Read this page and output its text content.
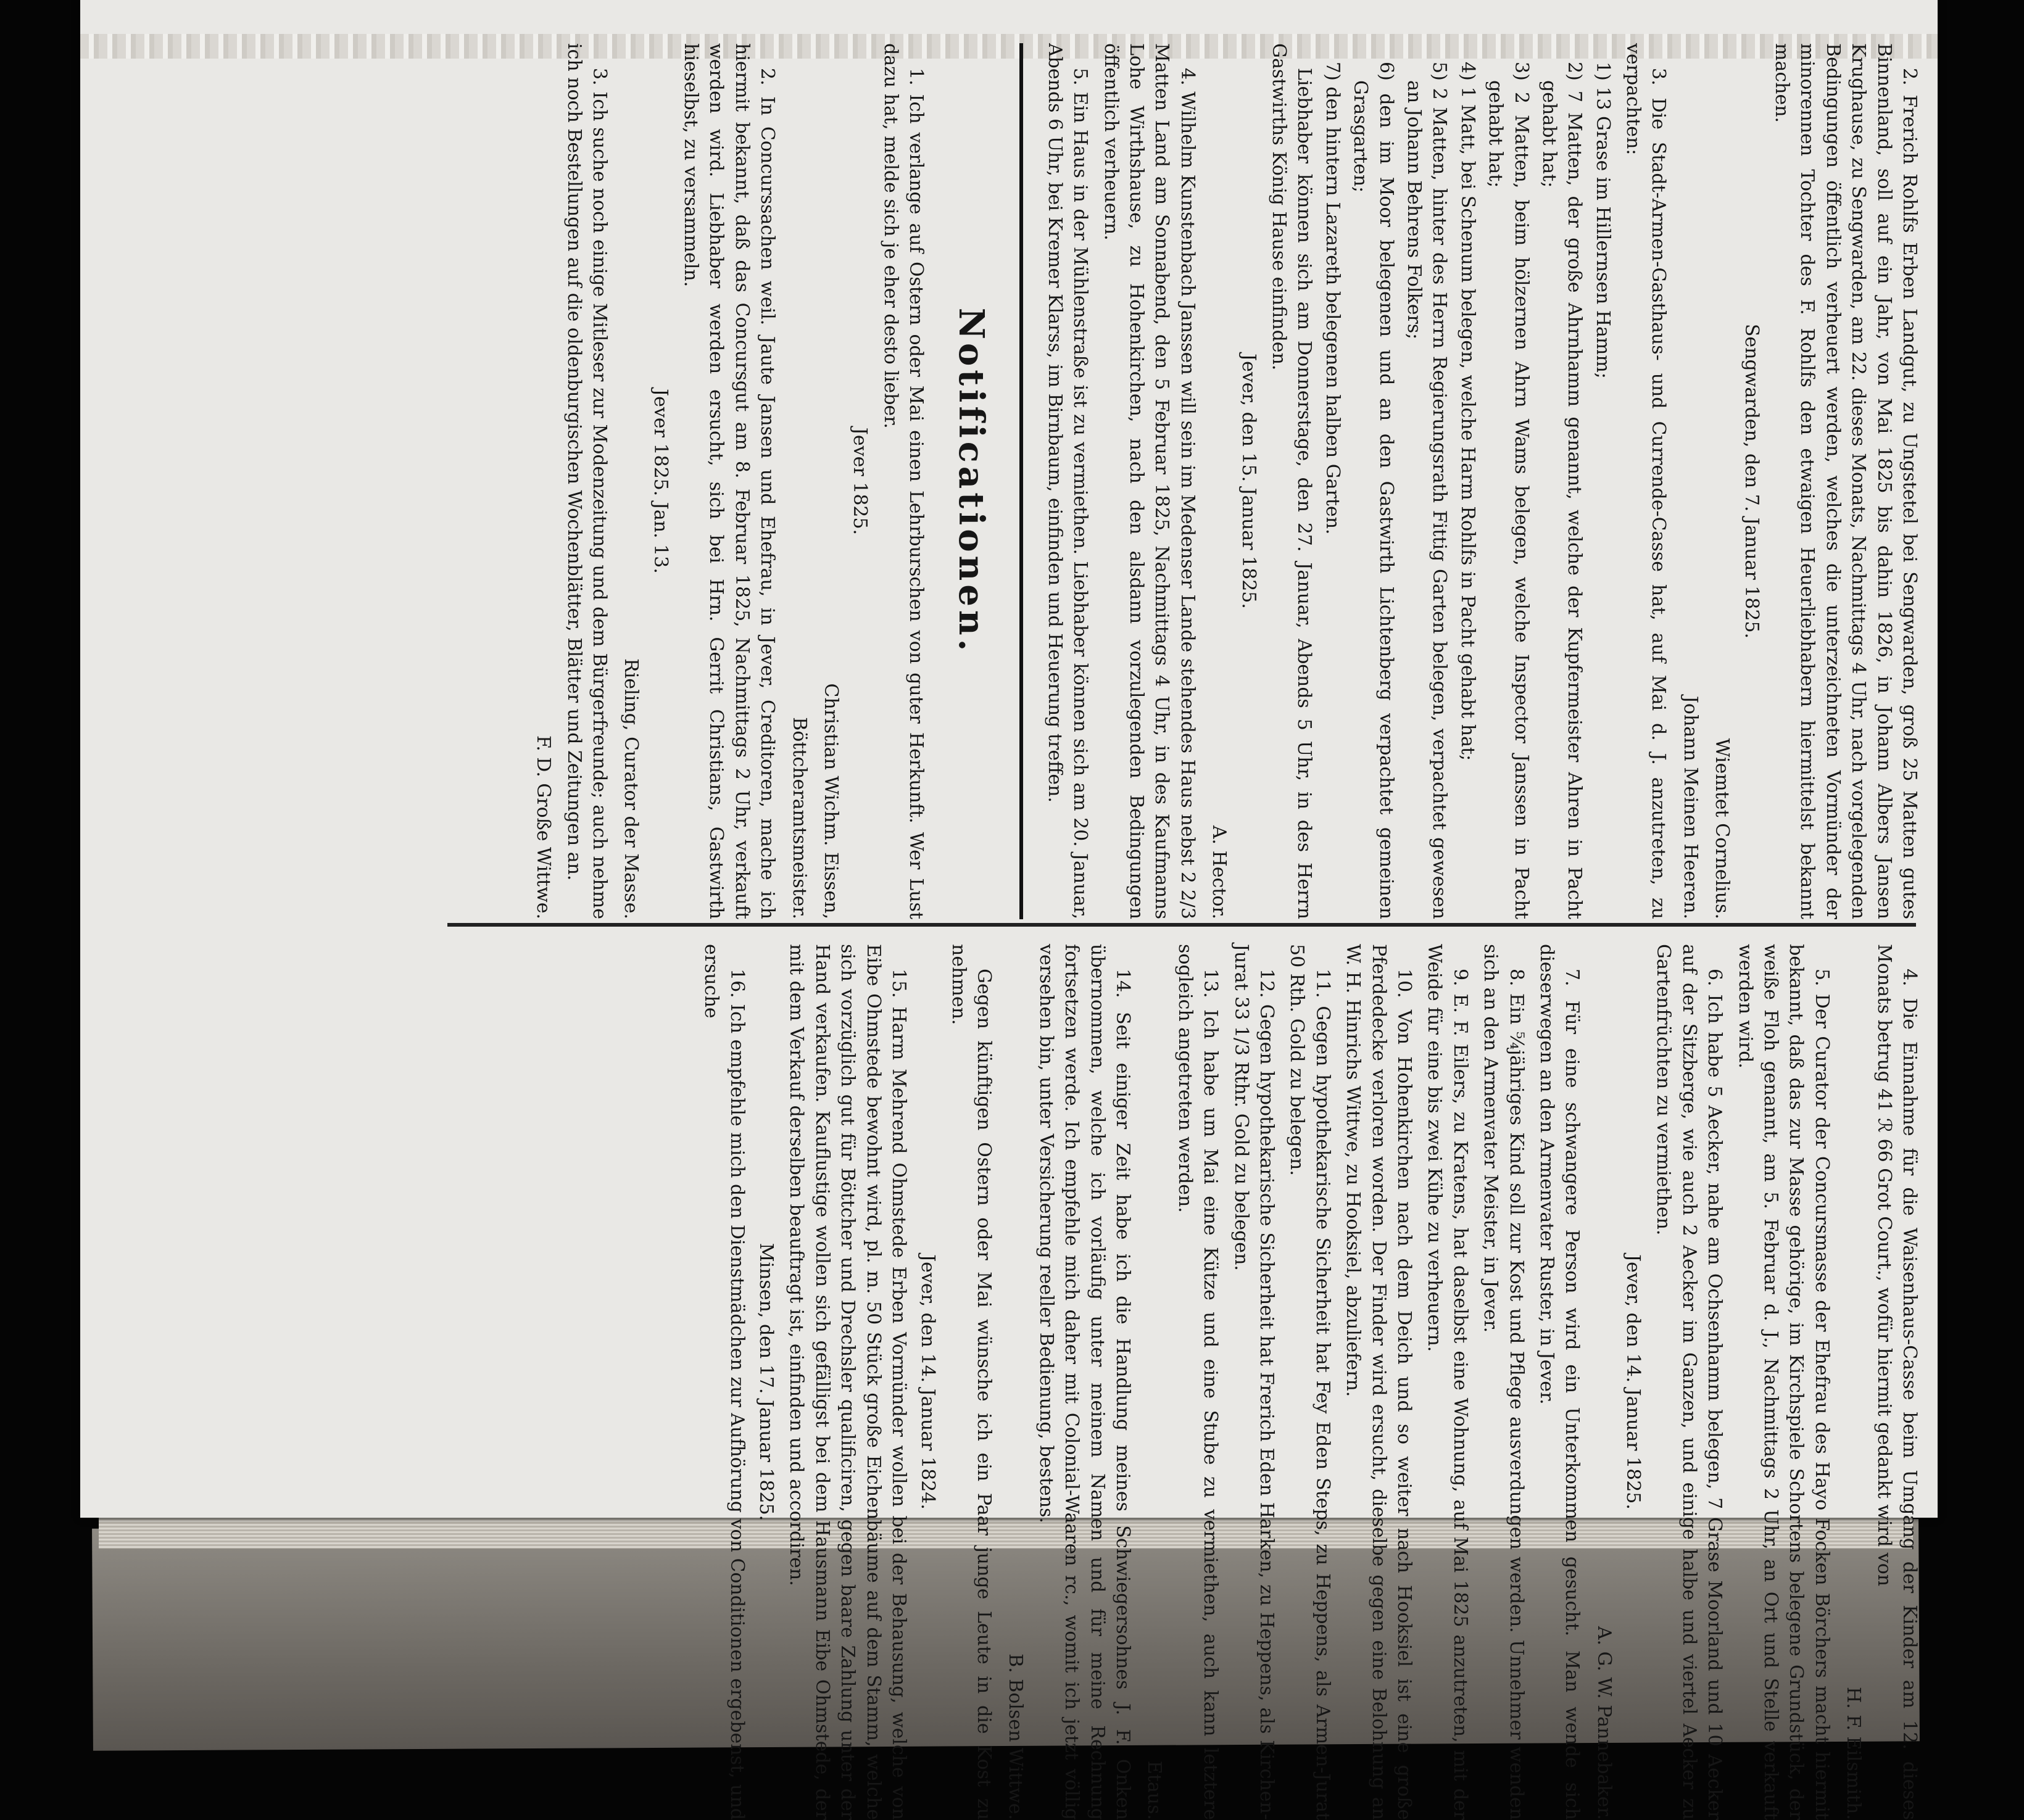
2. Frerich Rohlfs Erben Landgut, zu Ungstetel bei Sengwarden, groß 25 Matten gutes Binnenland, soll auf ein Jahr, von Mai 1825 bis dahin 1826, in Johann Albers Jansen Krughause, zu Sengwarden, am 22. dieses Monats, Nachmittags 4 Uhr, nach vorgelegenden Bedingungen öffentlich verheuert werden, welches die unterzeichneten Vormünder der minorennen Tochter des F. Rohlfs den etwaigen Heuerliebhabern hiermittelst bekannt machen.

Sengwarden, den 7. Januar 1825.

Wiemtet Cornelius.

Johann Meinen Heeren.

3. Die Stadt-Armen-Gasthaus- und Currende-Casse hat, auf Mai d. J. anzutreten, zu verpachten:

1) 13 Grase im Hillernsen Hamm;

2) 7 Matten, der große Ahrnhamm genannt, welche der Kupfermeister Ahren in Pacht gehabt hat;

3) 2 Matten, beim hölzernen Ahrn Wams belegen, welche Inspector Janssen in Pacht gehabt hat;

4) 1 Matt, bei Schenum belegen, welche Harm Rohlfs in Pacht gehabt hat;

5) 2 Matten, hinter des Herrn Regierungsrath Fittig Garten belegen, verpachtet gewesen an Johann Behrens Folkers;

6) den im Moor belegenen und an den Gastwirth Lichtenberg verpachtet gemeinen Grasgarten;

7) den hintern Lazareth belegenen halben Garten.

Liebhaber können sich am Donnerstage, den 27. Januar, Abends 5 Uhr, in des Herrn Gastwirths König Hause einfinden.

Jever, den 15. Januar 1825.

A. Hector.

4. Wilhelm Kunstenbach Janssen will sein im Medenser Lande stehendes Haus nebst 2 2/3 Matten Land am Sonnabend, den 5 Februar 1825, Nachmittags 4 Uhr, in des Kaufmanns Lohe Wirthshause, zu Hohenkirchen, nach den alsdann vorzulegenden Bedingungen öffentlich verheuern.

5. Ein Haus in der Mühlenstraße ist zu vermiethen. Liebhaber können sich am 20. Januar, Abends 6 Uhr, bei Kremer Klarss, im Birnbaum, einfinden und Heuerung treffen.

Notificationen.

1. Ich verlange auf Ostern oder Mai einen Lehrburschen von guter Herkunft. Wer Lust dazu hat, melde sich je eher desto lieber.

Jever 1825.

Christian Wichm. Eissen,

Böttcheramtsmeister.

2. In Concurssachen weil. Jaute Jansen und Ehefrau, in Jever, Creditoren, mache ich hiermit bekannt, daß das Concursgut am 8. Februar 1825, Nachmittags 2 Uhr, verkauft werden wird. Liebhaber werden ersucht, sich bei Hrn. Gerrit Christians, Gastwirth hieselbst, zu versammeln.

Jever 1825. Jan. 13.

Rieling, Curator der Masse.

3. Ich suche noch einige Mitleser zur Modenzeitung und dem Bürgerfreunde; auch nehme ich noch Bestellungen auf die oldenburgischen Wochenblätter, Blätter und Zeitungen an.

F. D. Große Wittwe.

4. Die Einnahme für die Waisenhaus-Casse beim Umgang der Kinder am 12. dieses Monats betrug 41 ℛ 66 Grot Court., wofür hiermit gedankt wird von

H. F. Eilsmith.

5. Der Curator der Concursmasse der Ehefrau des Hayo Focken Börchers macht hiermit bekannt, daß das zur Masse gehörige, im Kirchspiele Schortens belegene Grundstück, der weiße Floh genannt, am 5. Februar d. J., Nachmittags 2 Uhr, an Ort und Stelle verkauft werden wird.

6. Ich habe 5 Aecker, nahe am Ochsenhamm belegen, 7 Grase Moorland und 10 Aecker auf der Sitzberge, wie auch 2 Aecker im Ganzen, und einige halbe und viertel Aecker zu Gartenfrüchten zu vermiethen.

Jever, den 14. Januar 1825.

A. G. W. Pannebaker.

7. Für eine schwangere Person wird ein Unterkommen gesucht. Man wende sich dieserwegen an den Armenvater Ruster, in Jever.

8. Ein ⁵⁄₄jähriges Kind soll zur Kost und Pflege ausverdungen werden. Unnehmer wenden sich an den Armenvater Meister, in Jever.

9. E. F. Eilers, zu Kratens, hat daselbst eine Wohnung, auf Mai 1825 anzutreten, mit der Weide für eine bis zwei Kühe zu verheuern.

10. Von Hohenkirchen nach dem Deich und so weiter nach Hooksiel ist eine große Pferdedecke verloren worden. Der Finder wird ersucht, dieselbe gegen eine Belohnung an W. H. Hinrichs Wittwe, zu Hooksiel, abzuliefern.

11. Gegen hypothekarische Sicherheit hat Fey Eden Steps, zu Heppens, als Armen-Jurat 50 Rth. Gold zu belegen.

12. Gegen hypothekarische Sicherheit hat Frerich Eden Harken, zu Heppens, als Kirchen-Jurat 33 1/3 Rthr. Gold zu belegen.

13. Ich habe um Mai eine Kütze und eine Stube zu vermiethen, auch kann letztere sogleich angetreten werden.

Etaus.

14. Seit einiger Zeit habe ich die Handlung meines Schwiegersohnes J. F. Onken übernommen, welche ich vorläufig unter meinem Namen und für meine Rechnung fortsetzen werde. Ich empfehle mich daher mit Colonial-Waaren rc., womit ich jetzt völlig versehen bin, unter Versicherung reeller Bedienung, bestens.

B. Bolsen Wittwe.

Gegen künftigen Ostern oder Mai wünsche ich ein Paar junge Leute in die Kost zu nehmen.

Jever, den 14. Januar 1824.

15. Harm Mehrend Ohmstede Erben Vormünder wollen bei der Behausung, welche von Eibe Ohmstede bewohnt wird, pl. m. 50 Stück große Eichenbäume auf dem Stamm, welche sich vorzüglich gut für Böttcher und Drechsler qualificiren, gegen baare Zahlung unter der Hand verkaufen. Kauflustige wollen sich gefälligst bei dem Hausmann Eibe Ohmstede, der mit dem Verkauf derselben beauftragt ist, einfinden und accordiren.

Minsen, den 17. Januar 1825.

16. Ich empfehle mich den Dienstmädchen zur Aufhörung von Conditionen ergebenst, und ersuche
